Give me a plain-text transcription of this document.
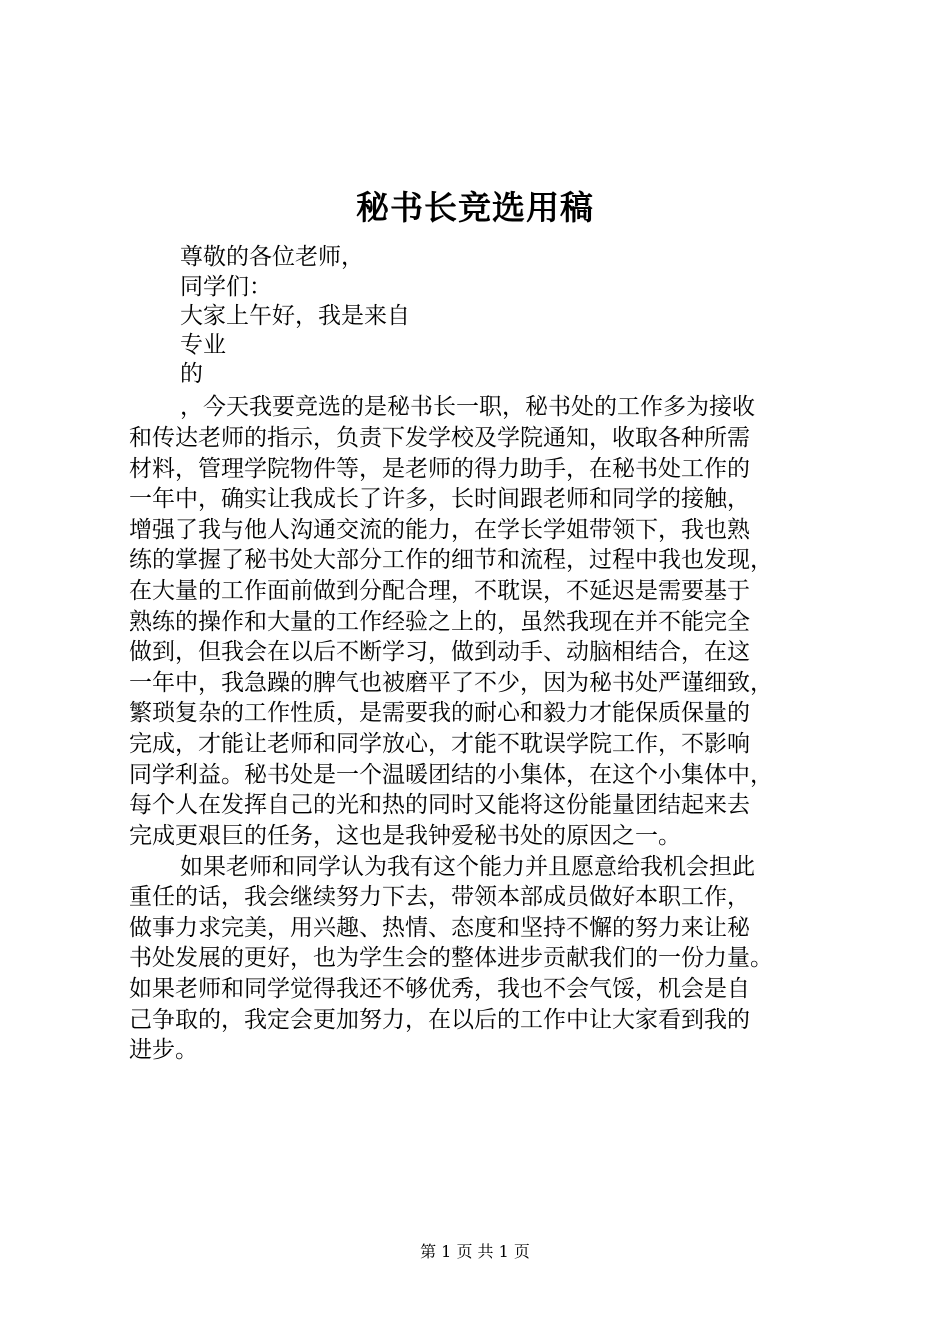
秘书长竞选用稿
尊敬的各位老师，
同学们：
大家上午好，我是来自
专业
的
，今天我要竞选的是秘书长一职，秘书处的工作多为接收
和传达老师的指示，负责下发学校及学院通知，收取各种所需
材料，管理学院物件等，是老师的得力助手，在秘书处工作的
一年中，确实让我成长了许多，长时间跟老师和同学的接触，
增强了我与他人沟通交流的能力，在学长学姐带领下，我也熟
练的掌握了秘书处大部分工作的细节和流程，过程中我也发现，
在大量的工作面前做到分配合理，不耽误，不延迟是需要基于
熟练的操作和大量的工作经验之上的，虽然我现在并不能完全
做到，但我会在以后不断学习，做到动手、动脑相结合，在这
一年中，我急躁的脾气也被磨平了不少，因为秘书处严谨细致，
繁琐复杂的工作性质，是需要我的耐心和毅力才能保质保量的
完成，才能让老师和同学放心，才能不耽误学院工作，不影响
同学利益。秘书处是一个温暖团结的小集体，在这个小集体中，
每个人在发挥自己的光和热的同时又能将这份能量团结起来去
完成更艰巨的任务，这也是我钟爱秘书处的原因之一。
如果老师和同学认为我有这个能力并且愿意给我机会担此
重任的话，我会继续努力下去，带领本部成员做好本职工作，
做事力求完美，用兴趣、热情、态度和坚持不懈的努力来让秘
书处发展的更好，也为学生会的整体进步贡献我们的一份力量。
如果老师和同学觉得我还不够优秀，我也不会气馁，机会是自
己争取的，我定会更加努力，在以后的工作中让大家看到我的
进步。
第 1 页 共 1 页
